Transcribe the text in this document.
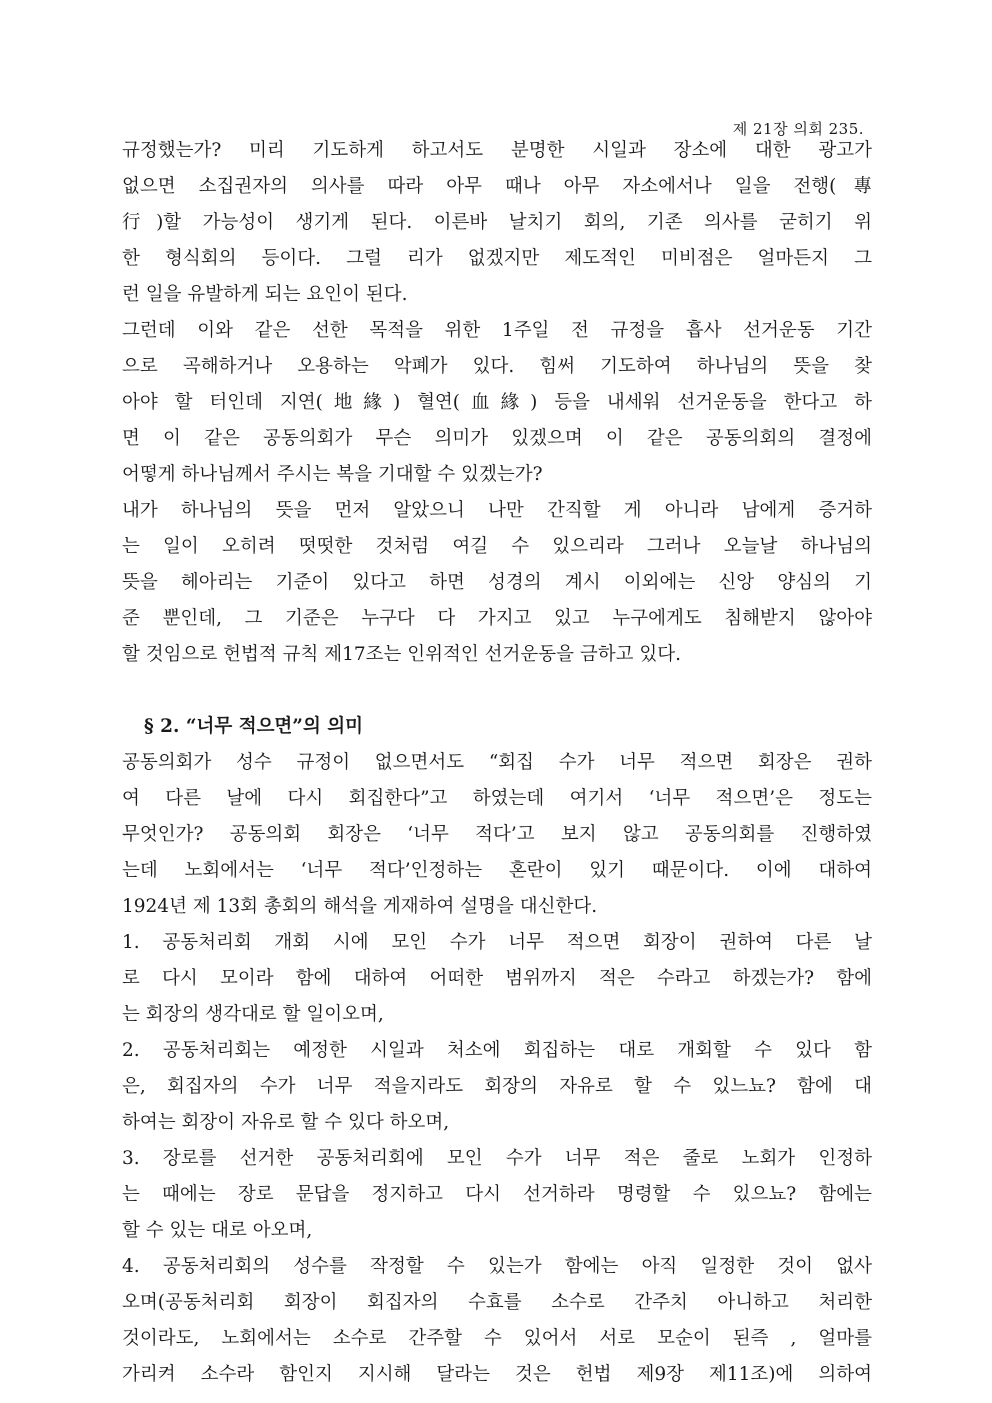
제 21장 의회 235.
규정했는가? 미리 기도하게 하고서도 분명한 시일과 장소에 대한 광고가
없으면 소집권자의 의사를 따라 아무 때나 아무 자소에서나 일을 전행(專
行)할 가능성이 생기게 된다. 이른바 날치기 회의, 기존 의사를 굳히기 위
한 형식회의 등이다. 그럴 리가 없겠지만 제도적인 미비점은 얼마든지 그
런 일을 유발하게 되는 요인이 된다.
그런데 이와 같은 선한 목적을 위한 1주일 전 규정을 흡사 선거운동 기간
으로 곡해하거나 오용하는 악폐가 있다. 힘써 기도하여 하나님의 뜻을 찾
아야 할 터인데 지연(地緣) 혈연(血緣) 등을 내세워 선거운동을 한다고 하
면 이 같은 공동의회가 무슨 의미가 있겠으며 이 같은 공동의회의 결정에
어떻게 하나님께서 주시는 복을 기대할 수 있겠는가?
내가 하나님의 뜻을 먼저 알았으니 나만 간직할 게 아니라 남에게 증거하
는 일이 오히려 떳떳한 것처럼 여길 수 있으리라 그러나 오늘날 하나님의
뜻을 헤아리는 기준이 있다고 하면 성경의 계시 이외에는 신앙 양심의 기
준 뿐인데, 그 기준은 누구다 다 가지고 있고 누구에게도 침해받지 않아야
할 것임으로 헌법적 규칙 제17조는 인위적인 선거운동을 금하고 있다.
§ 2. “너무 적으면”의 의미
공동의회가 성수 규정이 없으면서도 “회집 수가 너무 적으면 회장은 권하
여 다른 날에 다시 회집한다”고 하였는데 여기서 ‘너무 적으면’은 정도는
무엇인가? 공동의회 회장은 ‘너무 적다’고 보지 않고 공동의회를 진행하였
는데 노회에서는 ‘너무 적다’인정하는 혼란이 있기 때문이다. 이에 대하여
1924년 제 13회 총회의 해석을 게재하여 설명을 대신한다.
1. 공동처리회 개회 시에 모인 수가 너무 적으면 회장이 권하여 다른 날
로 다시 모이라 함에 대하여 어떠한 범위까지 적은 수라고 하겠는가? 함에
는 회장의 생각대로 할 일이오며,
2. 공동처리회는 예정한 시일과 처소에 회집하는 대로 개회할 수 있다 함
은, 회집자의 수가 너무 적을지라도 회장의 자유로 할 수 있느뇨? 함에 대
하여는 회장이 자유로 할 수 있다 하오며,
3. 장로를 선거한 공동처리회에 모인 수가 너무 적은 줄로 노회가 인정하
는 때에는 장로 문답을 정지하고 다시 선거하라 명령할 수 있으뇨? 함에는
할 수 있는 대로 아오며,
4. 공동처리회의 성수를 작정할 수 있는가 함에는 아직 일정한 것이 없사
오며(공동처리회 회장이 회집자의 수효를 소수로 간주치 아니하고 처리한
것이라도, 노회에서는 소수로 간주할 수 있어서 서로 모순이 된즉 , 얼마를
가리켜 소수라 함인지 지시해 달라는 것은 헌법 제9장 제11조)에 의하여
